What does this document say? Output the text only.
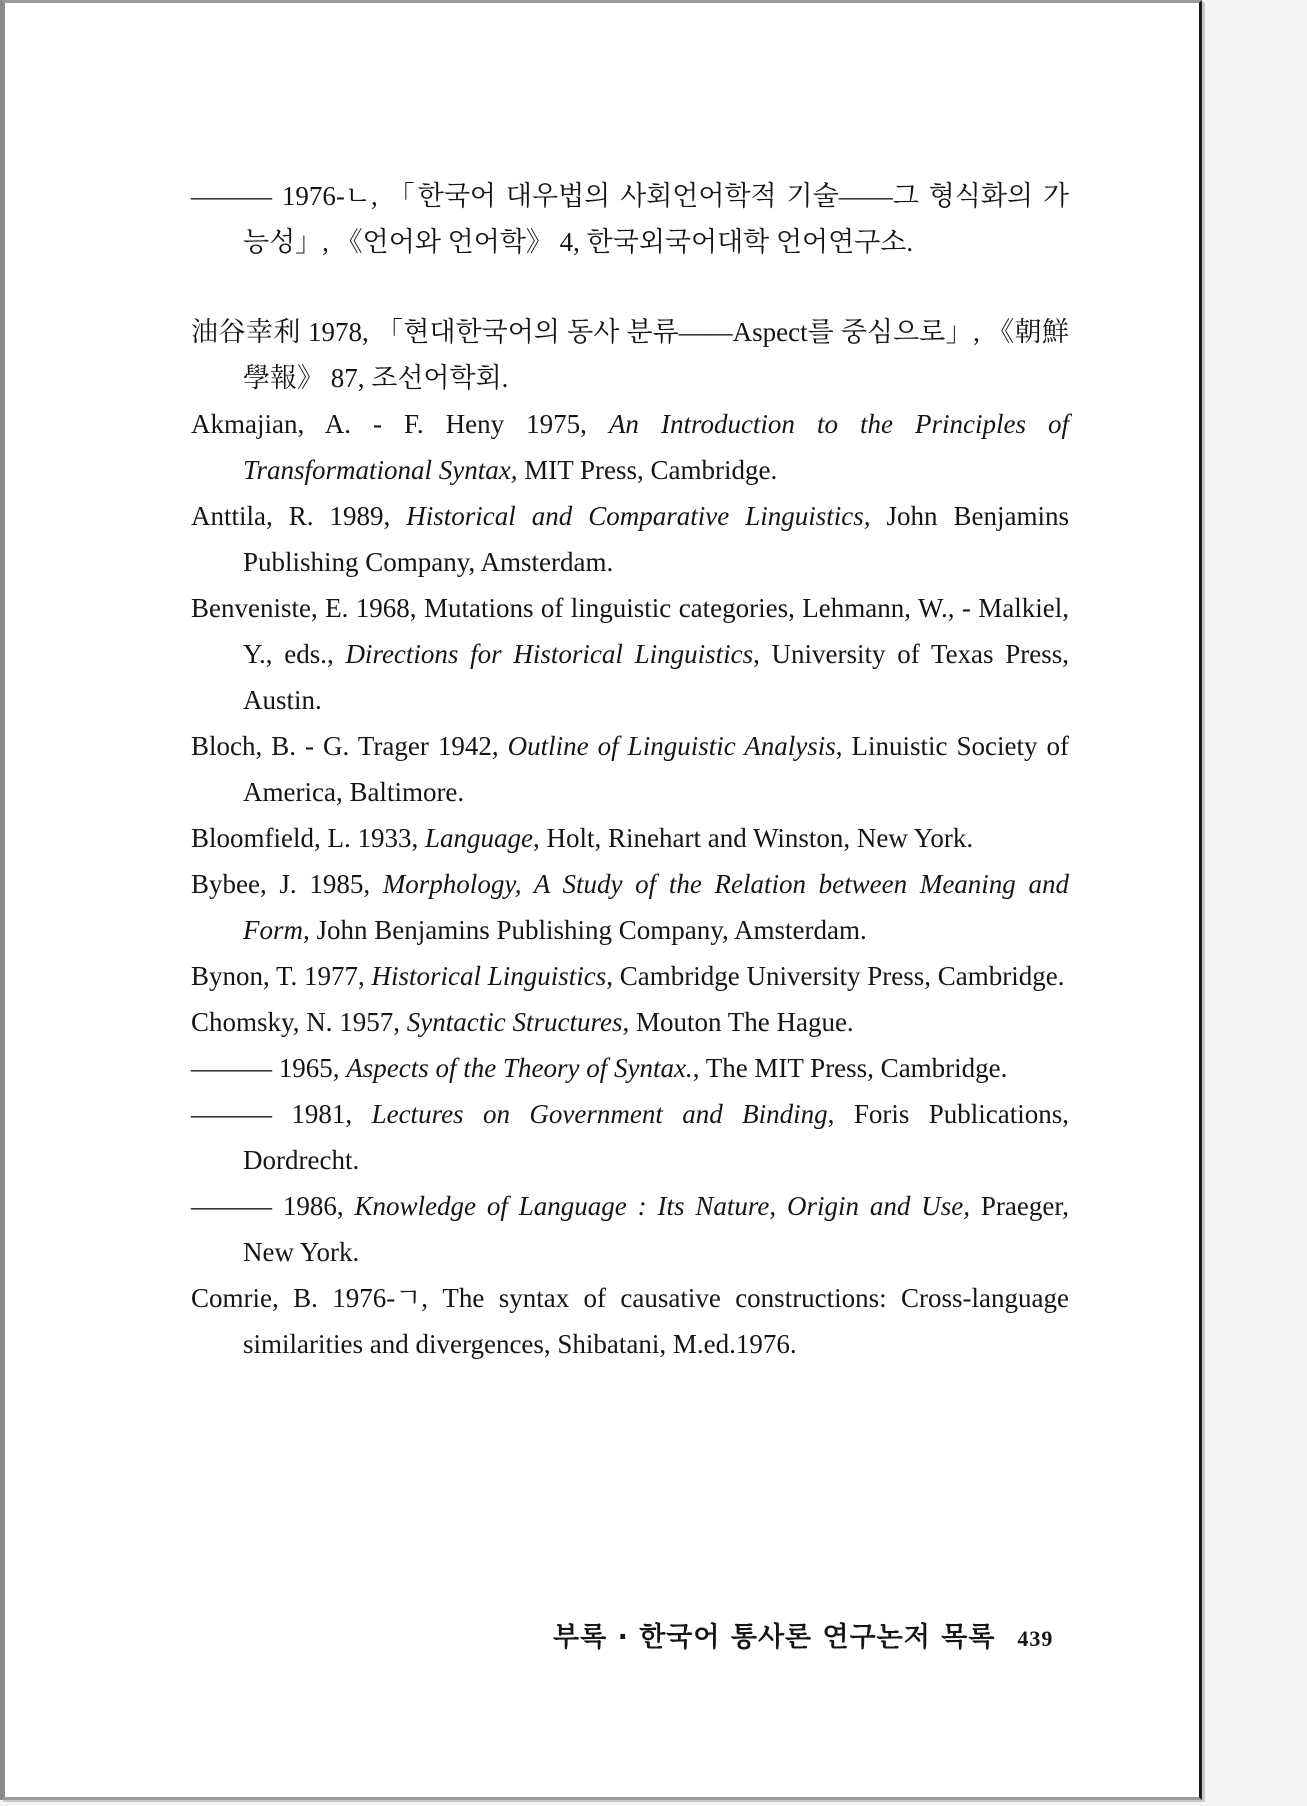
——— 1976-ㄴ, 「한국어 대우법의 사회언어학적 기술——그 형식화의 가능성」, 《언어와 언어학》 4, 한국외국어대학 언어연구소.

油谷幸利 1978, 「현대한국어의 동사 분류——Aspect를 중심으로」, 《朝鮮學報》 87, 조선어학회.

Akmajian, A. - F. Heny 1975, An Introduction to the Principles of Transformational Syntax, MIT Press, Cambridge.

Anttila, R. 1989, Historical and Comparative Linguistics, John Benjamins Publishing Company, Amsterdam.

Benveniste, E. 1968, Mutations of linguistic categories, Lehmann, W., - Malkiel, Y., eds., Directions for Historical Linguistics, University of Texas Press, Austin.

Bloch, B. - G. Trager 1942, Outline of Linguistic Analysis, Linuistic Society of America, Baltimore.

Bloomfield, L. 1933, Language, Holt, Rinehart and Winston, New York.

Bybee, J. 1985, Morphology, A Study of the Relation between Meaning and Form, John Benjamins Publishing Company, Amsterdam.

Bynon, T. 1977, Historical Linguistics, Cambridge University Press, Cambridge.

Chomsky, N. 1957, Syntactic Structures, Mouton The Hague.

——— 1965, Aspects of the Theory of Syntax., The MIT Press, Cambridge.

——— 1981, Lectures on Government and Binding, Foris Publications, Dordrecht.

——— 1986, Knowledge of Language : Its Nature, Origin and Use, Praeger, New York.

Comrie, B. 1976-ㄱ, The syntax of causative constructions: Cross-language similarities and divergences, Shibatani, M.ed.1976.

부록 · 한국어 통사론 연구논저 목록 439
